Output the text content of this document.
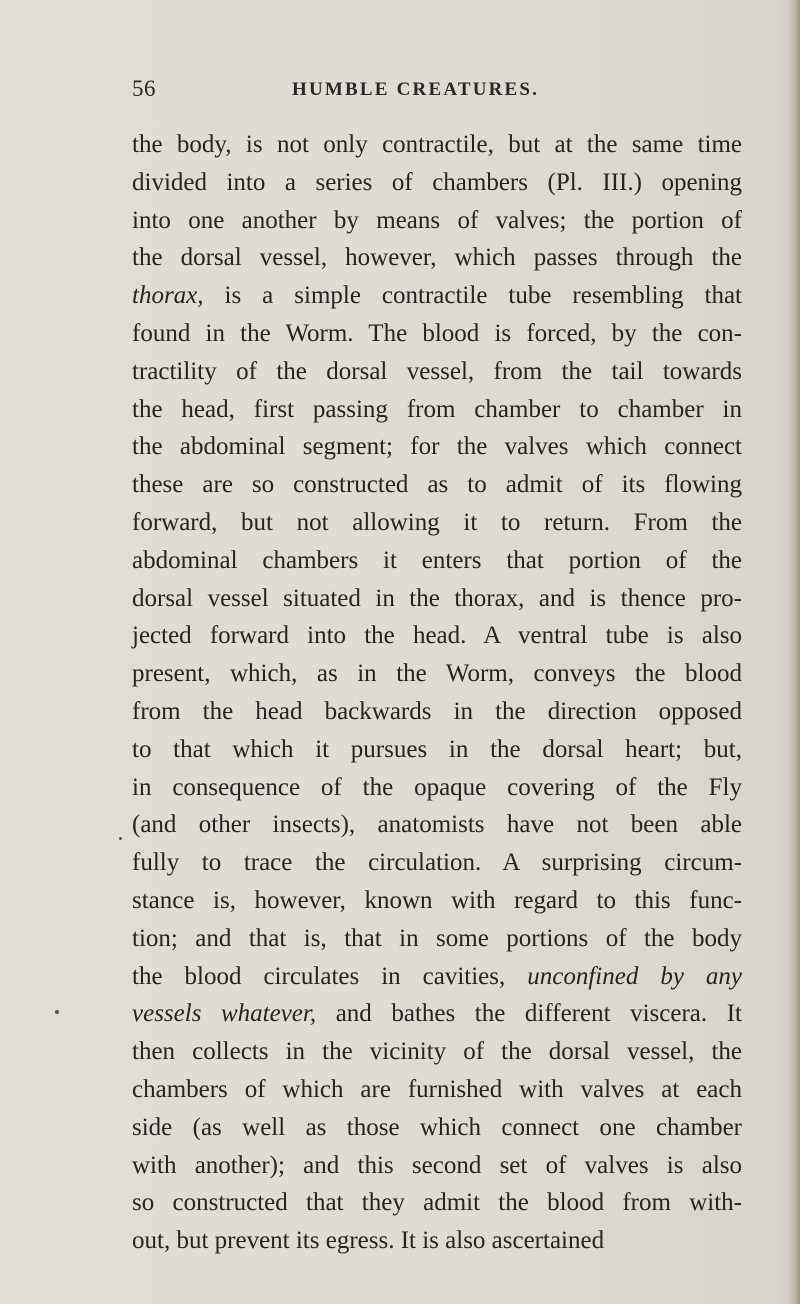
56	HUMBLE CREATURES.
the body, is not only contractile, but at the same time
divided into a series of chambers (Pl. III.) opening
into one another by means of valves; the portion of
the dorsal vessel, however, which passes through the
thorax, is a simple contractile tube resembling that
found in the Worm. The blood is forced, by the con-
tractility of the dorsal vessel, from the tail towards
the head, first passing from chamber to chamber in
the abdominal segment; for the valves which connect
these are so constructed as to admit of its flowing
forward, but not allowing it to return. From the
abdominal chambers it enters that portion of the
dorsal vessel situated in the thorax, and is thence pro-
jected forward into the head. A ventral tube is also
present, which, as in the Worm, conveys the blood
from the head backwards in the direction opposed
to that which it pursues in the dorsal heart; but,
in consequence of the opaque covering of the Fly
(and other insects), anatomists have not been able
fully to trace the circulation. A surprising circum-
stance is, however, known with regard to this func-
tion; and that is, that in some portions of the body
the blood circulates in cavities, unconfined by any
vessels whatever, and bathes the different viscera. It
then collects in the vicinity of the dorsal vessel, the
chambers of which are furnished with valves at each
side (as well as those which connect one chamber
with another); and this second set of valves is also
so constructed that they admit the blood from with-
out, but prevent its egress. It is also ascertained
